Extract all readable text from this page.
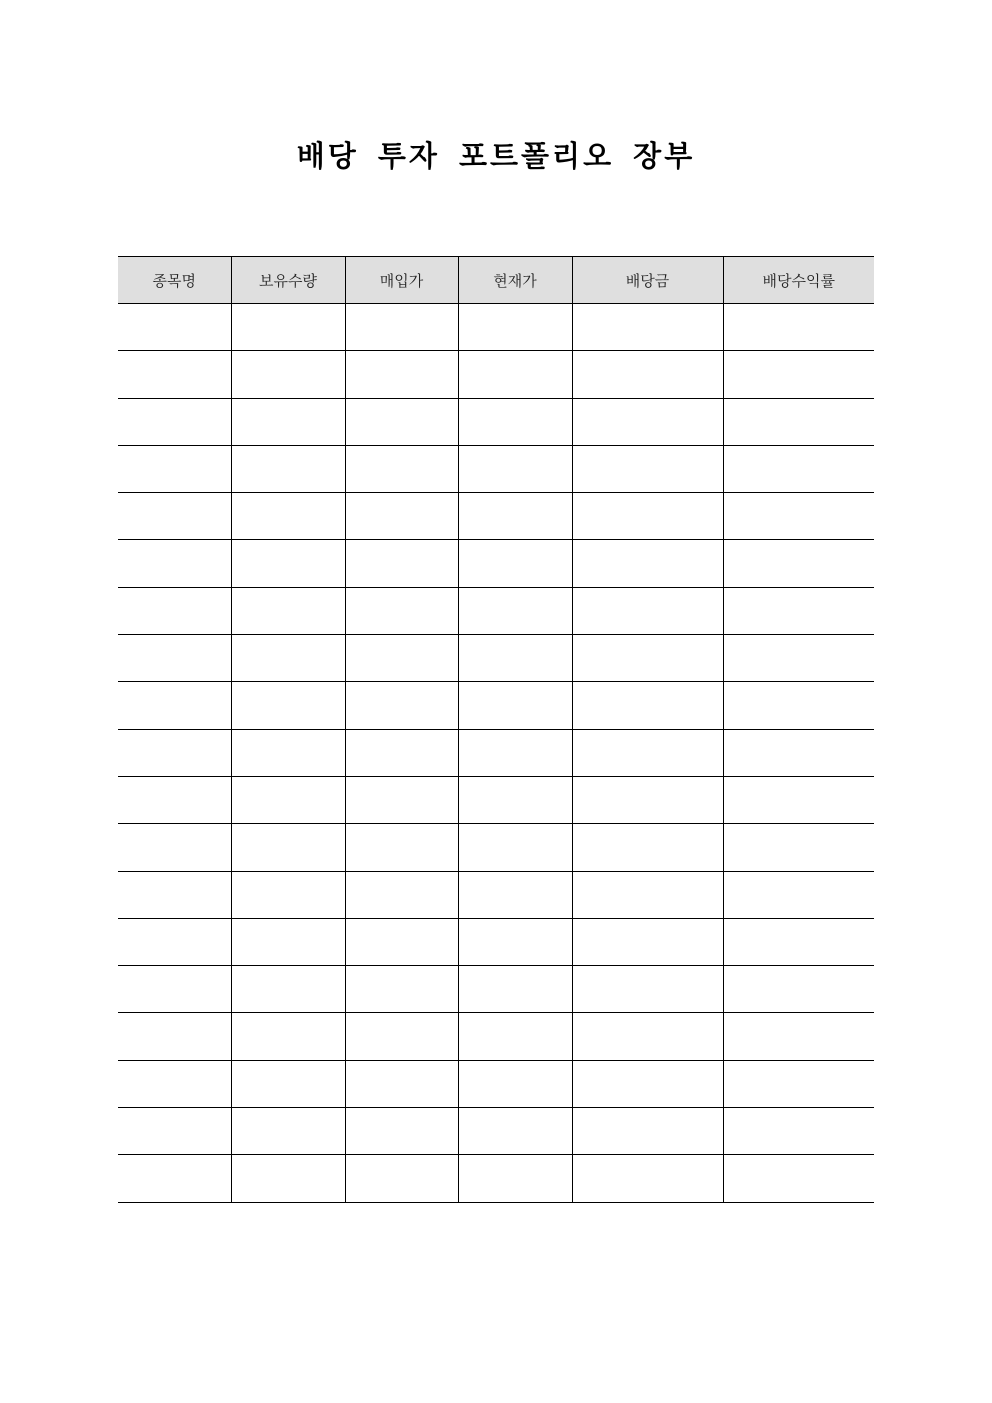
배당 투자 포트폴리오 장부
종목명	보유수량	매입가	현재가	배당금	배당수익률
